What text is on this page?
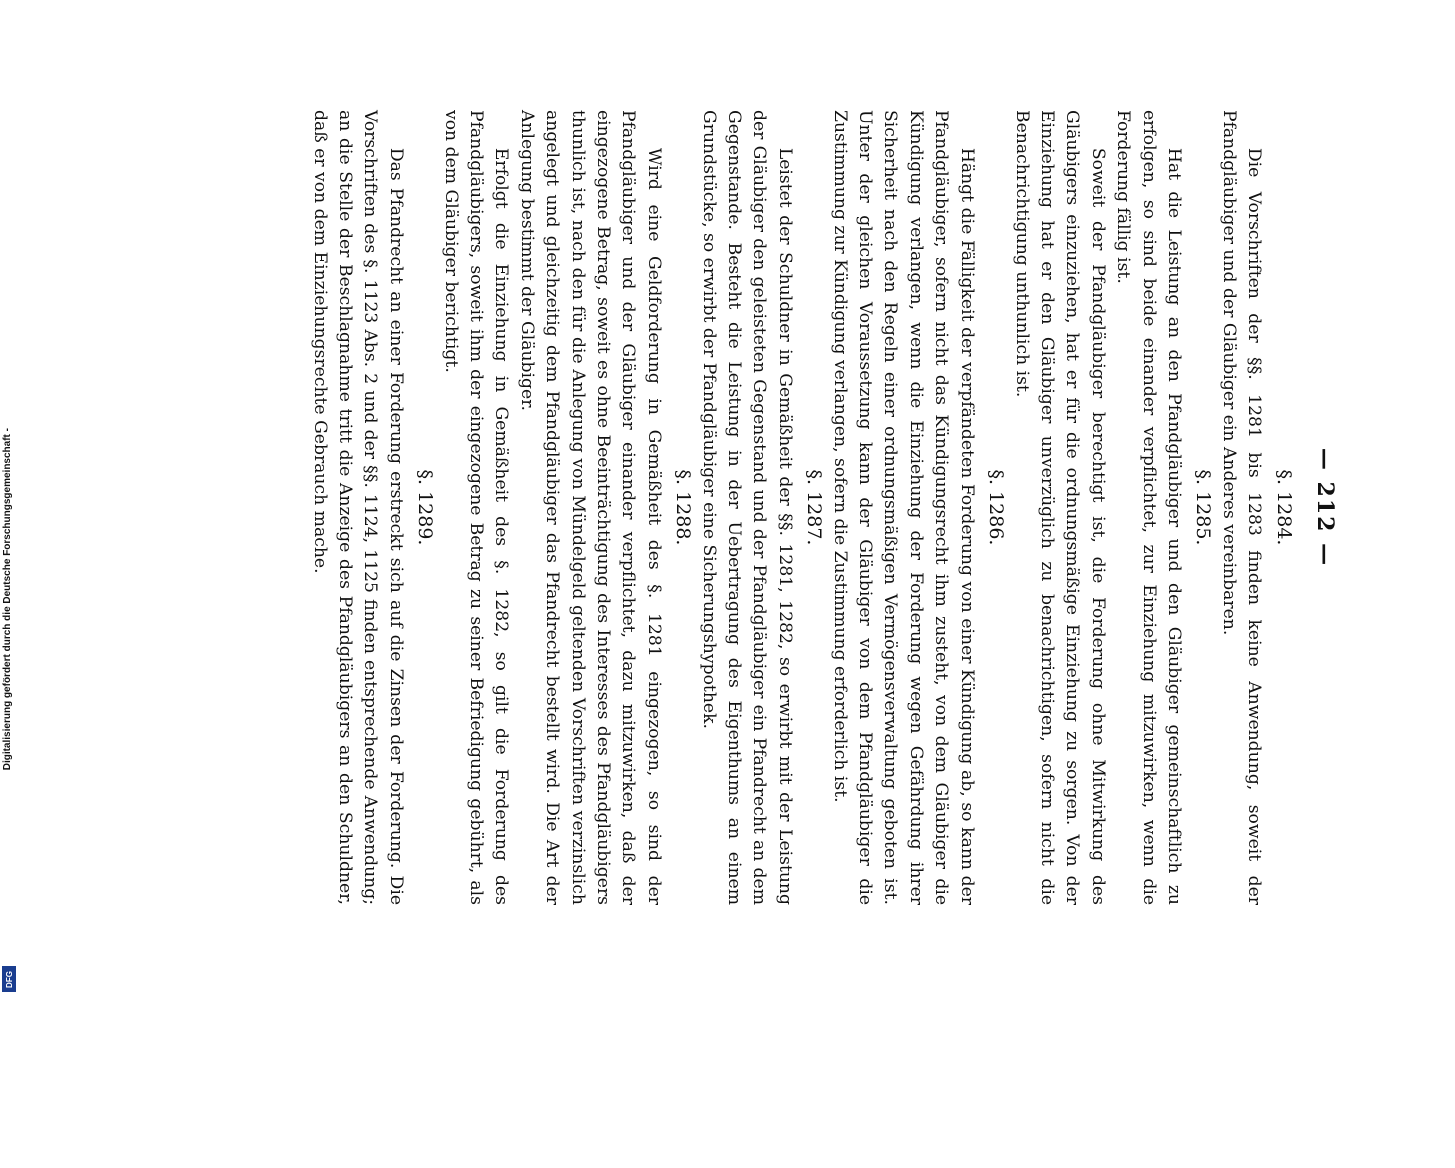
— 212 —
§. 1284.

Die Vorschriften der §§. 1281 bis 1283 finden keine Anwendung, soweit der Pfandgläubiger und der Gläubiger ein Anderes vereinbaren.

§. 1285.

Hat die Leistung an den Pfandgläubiger und den Gläubiger gemeinschaftlich zu erfolgen, so sind beide einander verpflichtet, zur Einziehung mitzuwirken, wenn die Forderung fällig ist.

Soweit der Pfandgläubiger berechtigt ist, die Forderung ohne Mitwirkung des Gläubigers einzuziehen, hat er für die ordnungsmäßige Einziehung zu sorgen. Von der Einziehung hat er den Gläubiger unverzüglich zu benachrichtigen, sofern nicht die Benachrichtigung unthunlich ist.

§. 1286.

Hängt die Fälligkeit der verpfändeten Forderung von einer Kündigung ab, so kann der Pfandgläubiger, sofern nicht das Kündigungsrecht ihm zusteht, von dem Gläubiger die Kündigung verlangen, wenn die Einziehung der Forderung wegen Gefährdung ihrer Sicherheit nach den Regeln einer ordnungsmäßigen Vermögensverwaltung geboten ist. Unter der gleichen Voraussetzung kann der Gläubiger von dem Pfandgläubiger die Zustimmung zur Kündigung verlangen, sofern die Zustimmung erforderlich ist.

§. 1287.

Leistet der Schuldner in Gemäßheit der §§. 1281, 1282, so erwirbt mit der Leistung der Gläubiger den geleisteten Gegenstand und der Pfandgläubiger ein Pfandrecht an dem Gegenstande. Besteht die Leistung in der Uebertragung des Eigenthums an einem Grundstücke, so erwirbt der Pfandgläubiger eine Sicherungshypothek.

§. 1288.

Wird eine Geldforderung in Gemäßheit des §. 1281 eingezogen, so sind der Pfandgläubiger und der Gläubiger einander verpflichtet, dazu mitzuwirken, daß der eingezogene Betrag, soweit es ohne Beeinträchtigung des Interesses des Pfandgläubigers thunlich ist, nach den für die Anlegung von Mündelgeld geltenden Vorschriften verzinslich angelegt und gleichzeitig dem Pfandgläubiger das Pfandrecht bestellt wird. Die Art der Anlegung bestimmt der Gläubiger.

Erfolgt die Einziehung in Gemäßheit des §. 1282, so gilt die Forderung des Pfandgläubigers, soweit ihm der eingezogene Betrag zu seiner Befriedigung gebührt, als von dem Gläubiger berichtigt.

§. 1289.

Das Pfandrecht an einer Forderung erstreckt sich auf die Zinsen der Forderung. Die Vorschriften des §. 1123 Abs. 2 und der §§. 1124, 1125 finden entsprechende Anwendung; an die Stelle der Beschlagnahme tritt die Anzeige des Pfandgläubigers an den Schuldner, daß er von dem Einziehungsrechte Gebrauch mache.

Digitalisierung gefördert durch die Deutsche Forschungsgemeinschaft -
DFG
